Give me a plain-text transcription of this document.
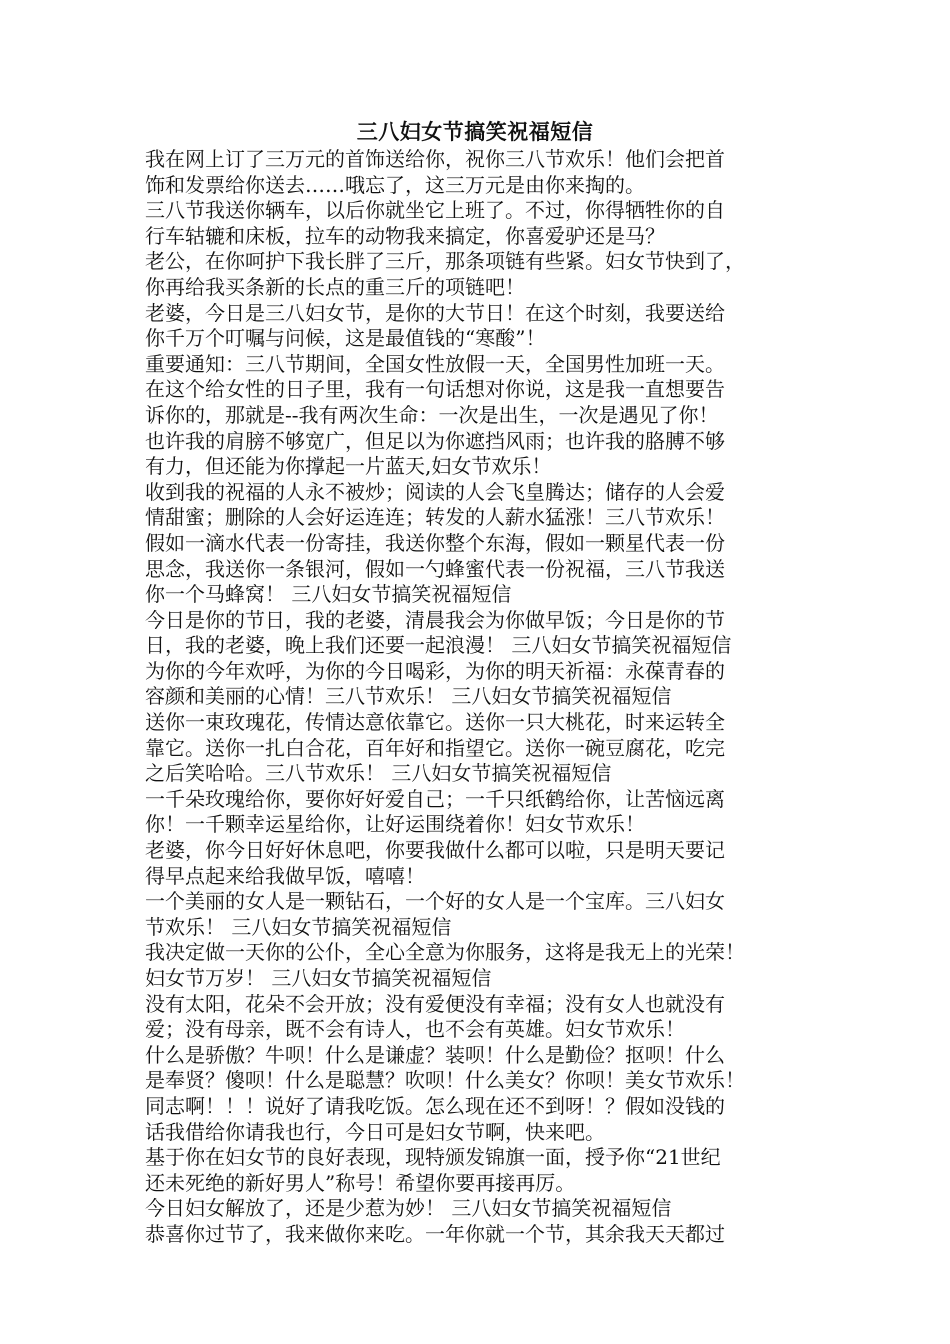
三八妇女节搞笑祝福短信
我在网上订了三万元的首饰送给你，祝你三八节欢乐！他们会把首
饰和发票给你送去……哦忘了，这三万元是由你来掏的。
三八节我送你辆车，以后你就坐它上班了。不过，你得牺牲你的自
行车轱辘和床板，拉车的动物我来搞定，你喜爱驴还是马？
老公，在你呵护下我长胖了三斤，那条项链有些紧。妇女节快到了，
你再给我买条新的长点的重三斤的项链吧！
老婆，今日是三八妇女节，是你的大节日！在这个时刻，我要送给
你千万个叮嘱与问候，这是最值钱的“寒酸”！
重要通知：三八节期间，全国女性放假一天，全国男性加班一天。
在这个给女性的日子里，我有一句话想对你说，这是我一直想要告
诉你的，那就是--我有两次生命：一次是出生，一次是遇见了你！
也许我的肩膀不够宽广，但足以为你遮挡风雨；也许我的胳膊不够
有力，但还能为你撑起一片蓝天,妇女节欢乐！
收到我的祝福的人永不被炒；阅读的人会飞皇腾达；储存的人会爱
情甜蜜；删除的人会好运连连；转发的人薪水猛涨！三八节欢乐！
假如一滴水代表一份寄挂，我送你整个东海，假如一颗星代表一份
思念，我送你一条银河，假如一勺蜂蜜代表一份祝福，三八节我送
你一个马蜂窝！ 三八妇女节搞笑祝福短信
今日是你的节日，我的老婆，清晨我会为你做早饭；今日是你的节
日，我的老婆，晚上我们还要一起浪漫！ 三八妇女节搞笑祝福短信
为你的今年欢呼，为你的今日喝彩，为你的明天祈福：永葆青春的
容颜和美丽的心情！三八节欢乐！ 三八妇女节搞笑祝福短信
送你一束玫瑰花，传情达意依靠它。送你一只大桃花，时来运转全
靠它。送你一扎白合花，百年好和指望它。送你一碗豆腐花，吃完
之后笑哈哈。三八节欢乐！ 三八妇女节搞笑祝福短信
一千朵玫瑰给你，要你好好爱自己；一千只纸鹤给你，让苦恼远离
你！一千颗幸运星给你，让好运围绕着你！妇女节欢乐！
老婆，你今日好好休息吧，你要我做什么都可以啦，只是明天要记
得早点起来给我做早饭，嘻嘻！
一个美丽的女人是一颗钻石，一个好的女人是一个宝库。三八妇女
节欢乐！ 三八妇女节搞笑祝福短信
我决定做一天你的公仆，全心全意为你服务，这将是我无上的光荣！
妇女节万岁！ 三八妇女节搞笑祝福短信
没有太阳，花朵不会开放；没有爱便没有幸福；没有女人也就没有
爱；没有母亲，既不会有诗人，也不会有英雄。妇女节欢乐！
什么是骄傲？牛呗！什么是谦虚？装呗！什么是勤俭？抠呗！什么
是奉贤？傻呗！什么是聪慧？吹呗！什么美女？你呗！美女节欢乐！
同志啊！！！说好了请我吃饭。怎么现在还不到呀！？假如没钱的
话我借给你请我也行，今日可是妇女节啊，快来吧。
基于你在妇女节的良好表现，现特颁发锦旗一面，授予你“21世纪
还未死绝的新好男人”称号！希望你要再接再厉。
今日妇女解放了，还是少惹为妙！ 三八妇女节搞笑祝福短信
恭喜你过节了，我来做你来吃。一年你就一个节，其余我天天都过
